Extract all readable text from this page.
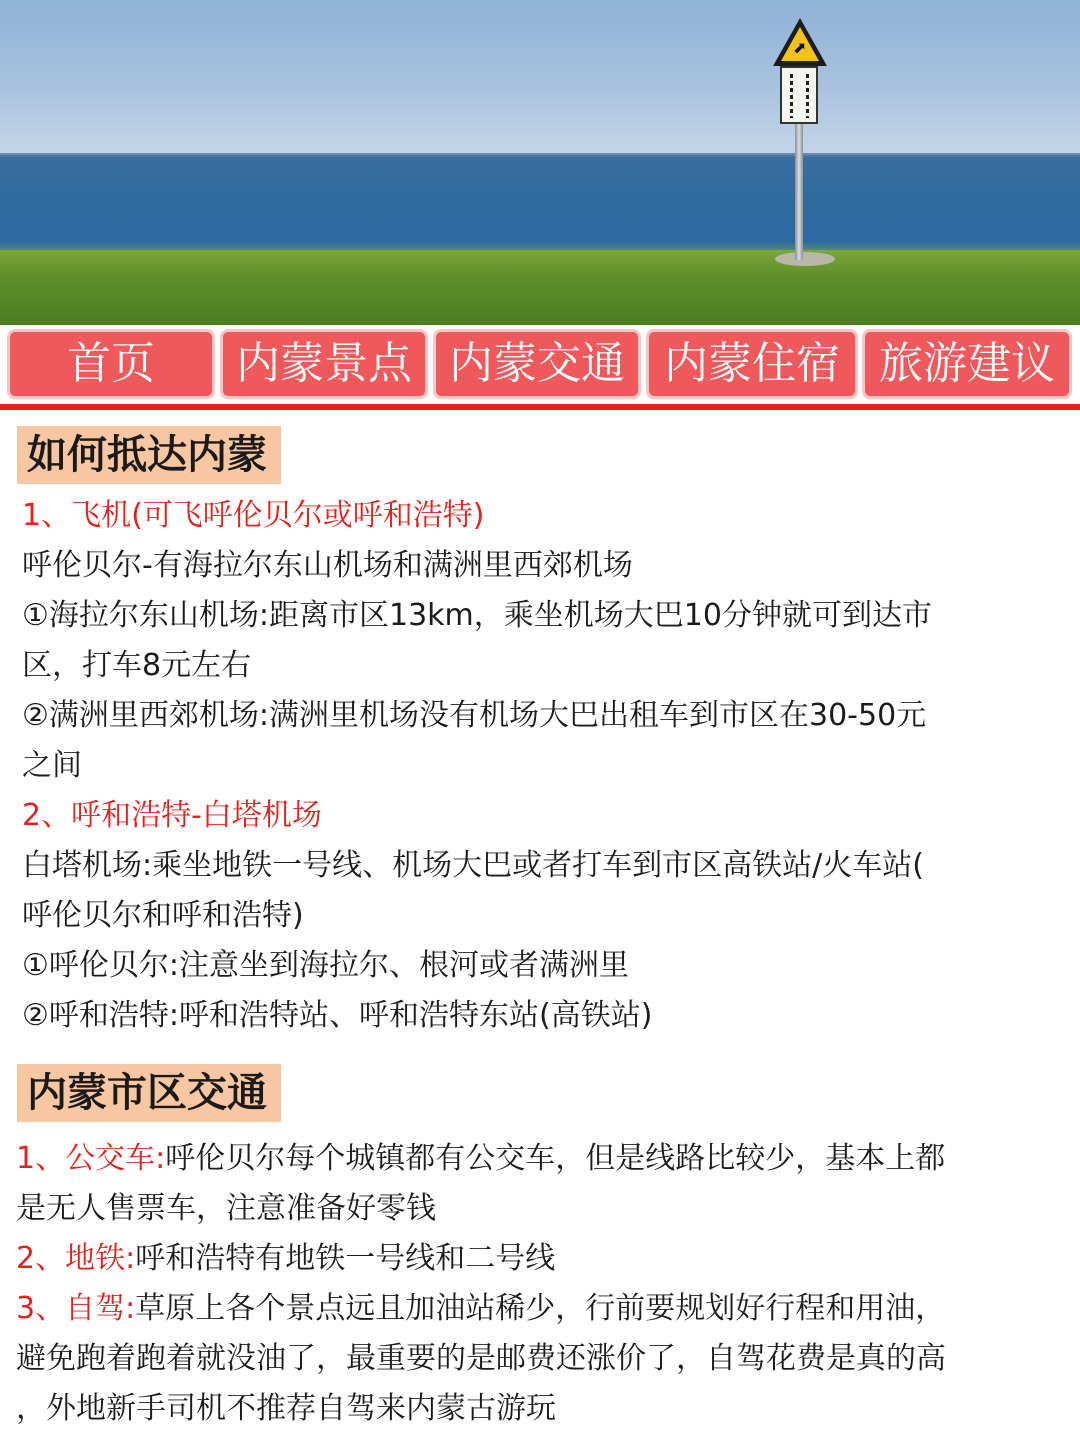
⬈
首页	内蒙景点 内蒙交通 内蒙住宿 旅游建议
如何抵达内蒙
1、飞机(可飞呼伦贝尔或呼和浩特)
呼伦贝尔-有海拉尔东山机场和满洲里西郊机场
①海拉尔东山机场:距离市区13km，乘坐机场大巴10分钟就可到达市
区，打车8元左右
②满洲里西郊机场:满洲里机场没有机场大巴出租车到市区在30-50元
之间
2、呼和浩特-白塔机场
白塔机场:乘坐地铁一号线、机场大巴或者打车到市区高铁站/火车站(
呼伦贝尔和呼和浩特)
①呼伦贝尔:注意坐到海拉尔、根河或者满洲里
②呼和浩特:呼和浩特站、呼和浩特东站(高铁站)
内蒙市区交通
1、公交车:呼伦贝尔每个城镇都有公交车，但是线路比较少，基本上都
是无人售票车，注意准备好零钱
2、地铁:呼和浩特有地铁一号线和二号线
3、自驾:草原上各个景点远且加油站稀少，行前要规划好行程和用油，
避免跑着跑着就没油了，最重要的是邮费还涨价了，自驾花费是真的高
，外地新手司机不推荐自驾来内蒙古游玩
